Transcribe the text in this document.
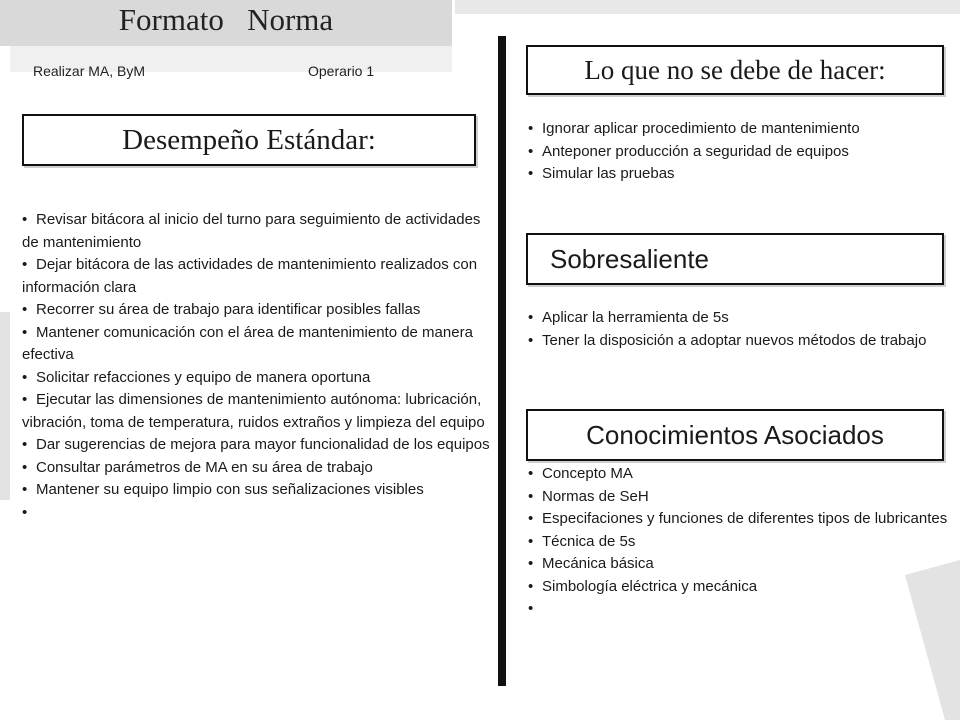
Formato   Norma
Realizar MA, ByM	Operario 1
Desempeño Estándar:
• Revisar bitácora al inicio del turno para seguimiento de actividades de mantenimiento
• Dejar bitácora de las actividades de mantenimiento realizados con información clara
• Recorrer su área de trabajo para identificar posibles fallas
• Mantener comunicación con el área de mantenimiento de manera efectiva
• Solicitar refacciones y equipo de manera oportuna
• Ejecutar las dimensiones de mantenimiento autónoma: lubricación, vibración, toma de temperatura, ruidos extraños y limpieza del equipo
• Dar sugerencias de mejora para mayor funcionalidad de los equipos
• Consultar parámetros de MA en su área de trabajo
• Mantener su equipo limpio con sus señalizaciones visibles
•
Lo que no se debe de hacer:
• Ignorar aplicar procedimiento de mantenimiento
• Anteponer producción a seguridad de equipos
• Simular las pruebas
Sobresaliente
• Aplicar la herramienta de 5s
• Tener la disposición a adoptar nuevos métodos de trabajo
Conocimientos Asociados
• Concepto MA
• Normas de SeH
• Especifaciones y funciones de diferentes tipos de lubricantes
• Técnica de 5s
• Mecánica básica
• Simbología eléctrica y mecánica
•
